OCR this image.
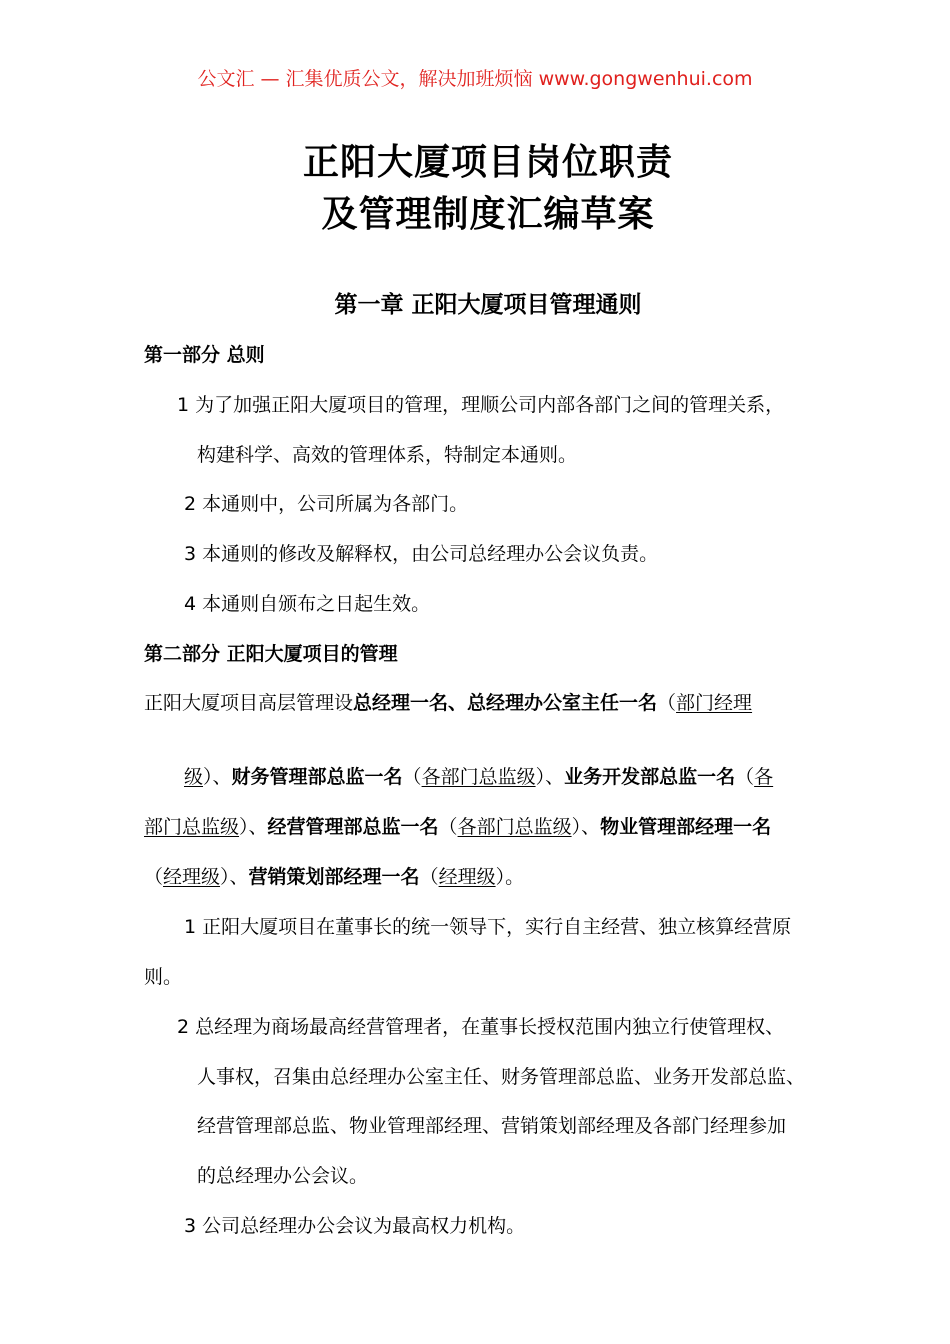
公文汇 — 汇集优质公文，解决加班烦恼 www.gongwenhui.com
正阳大厦项目岗位职责
及管理制度汇编草案
第一章 正阳大厦项目管理通则
第一部分 总则
1 为了加强正阳大厦项目的管理，理顺公司内部各部门之间的管理关系，
构建科学、高效的管理体系，特制定本通则。
2 本通则中，公司所属为各部门。
3 本通则的修改及解释权，由公司总经理办公会议负责。
4 本通则自颁布之日起生效。
第二部分 正阳大厦项目的管理
正阳大厦项目高层管理设总经理一名、总经理办公室主任一名（部门经理
级）、财务管理部总监一名（各部门总监级）、业务开发部总监一名（各
部门总监级）、经营管理部总监一名（各部门总监级）、物业管理部经理一名
（经理级）、营销策划部经理一名（经理级）。
1 正阳大厦项目在董事长的统一领导下，实行自主经营、独立核算经营原
则。
2 总经理为商场最高经营管理者，在董事长授权范围内独立行使管理权、
人事权，召集由总经理办公室主任、财务管理部总监、业务开发部总监、
经营管理部总监、物业管理部经理、营销策划部经理及各部门经理参加
的总经理办公会议。
3 公司总经理办公会议为最高权力机构。
